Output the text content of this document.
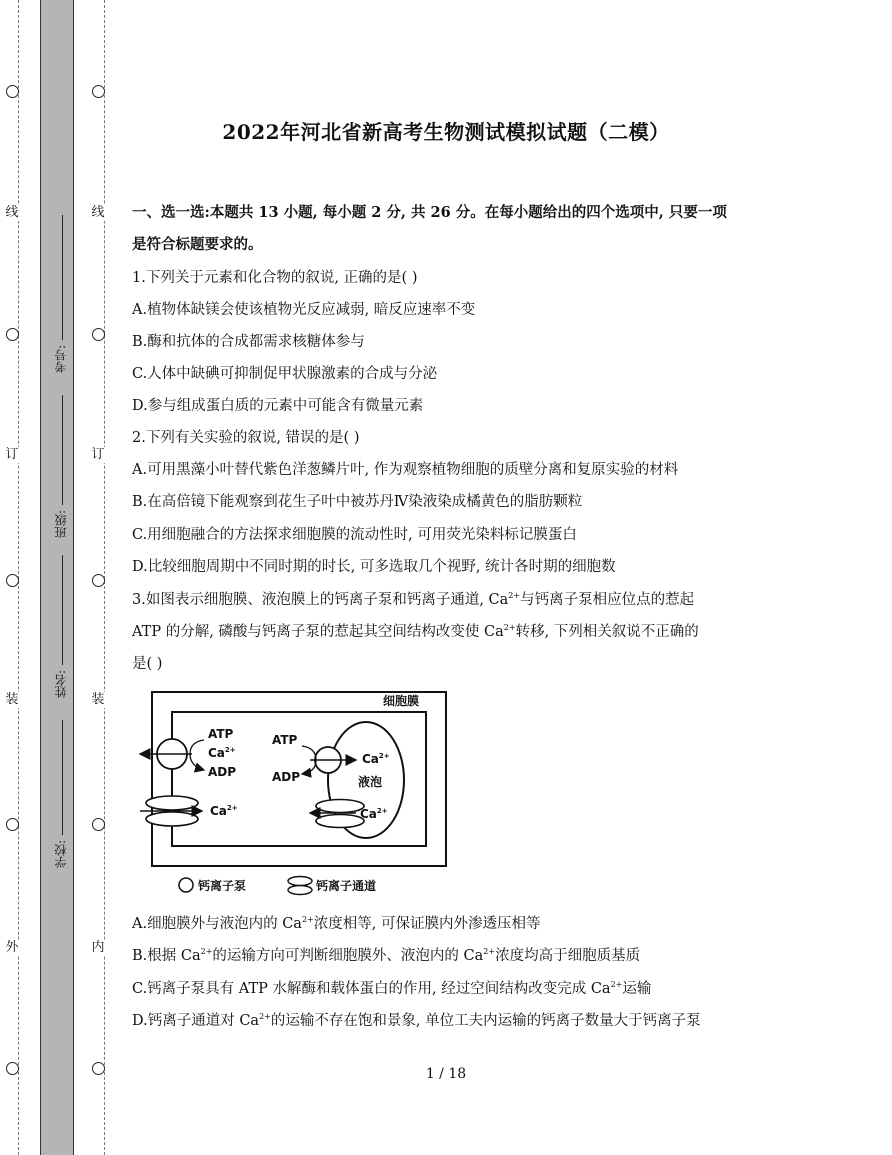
线
订
装
外
线
订
装
内
考号:
班级:
姓名:
学校:
2022年河北省新高考生物测试模拟试题（二模）
一、选一选:本题共 13 小题, 每小题 2 分, 共 26 分。在每小题给出的四个选项中, 只要一项
是符合标题要求的。
1.下列关于元素和化合物的叙说, 正确的是( )
A.植物体缺镁会使该植物光反应减弱, 暗反应速率不变
B.酶和抗体的合成都需求核糖体参与
C.人体中缺碘可抑制促甲状腺激素的合成与分泌
D.参与组成蛋白质的元素中可能含有微量元素
2.下列有关实验的叙说, 错误的是( )
A.可用黑藻小叶替代紫色洋葱鳞片叶, 作为观察植物细胞的质壁分离和复原实验的材料
B.在高倍镜下能观察到花生子叶中被苏丹Ⅳ染液染成橘黄色的脂肪颗粒
C.用细胞融合的方法探求细胞膜的流动性时, 可用荧光染料标记膜蛋白
D.比较细胞周期中不同时期的时长, 可多选取几个视野, 统计各时期的细胞数
3.如图表示细胞膜、液泡膜上的钙离子泵和钙离子通道, $Ca^{2+}$与钙离子泵相应位点的惹起
ATP 的分解, 磷酸与钙离子泵的惹起其空间结构改变使 $Ca^{2+}$转移, 下列相关叙说不正确的
是( )
细胞膜
ATP
$Ca^{2+}$
ADP
$Ca^{2+}$
液泡
$Ca^{2+}$
ATP
ADP
$Ca^{2+}$
钙离子泵	钙离子通道
A.细胞膜外与液泡内的 $Ca^{2+}$浓度相等, 可保证膜内外渗透压相等
B.根据 $Ca^{2+}$的运输方向可判断细胞膜外、液泡内的 $Ca^{2+}$浓度均高于细胞质基质
C.钙离子泵具有 ATP 水解酶和载体蛋白的作用, 经过空间结构改变完成 $Ca^{2+}$运输
D.钙离子通道对 $Ca^{2+}$的运输不存在饱和景象, 单位工夫内运输的钙离子数量大于钙离子泵
1 / 18
